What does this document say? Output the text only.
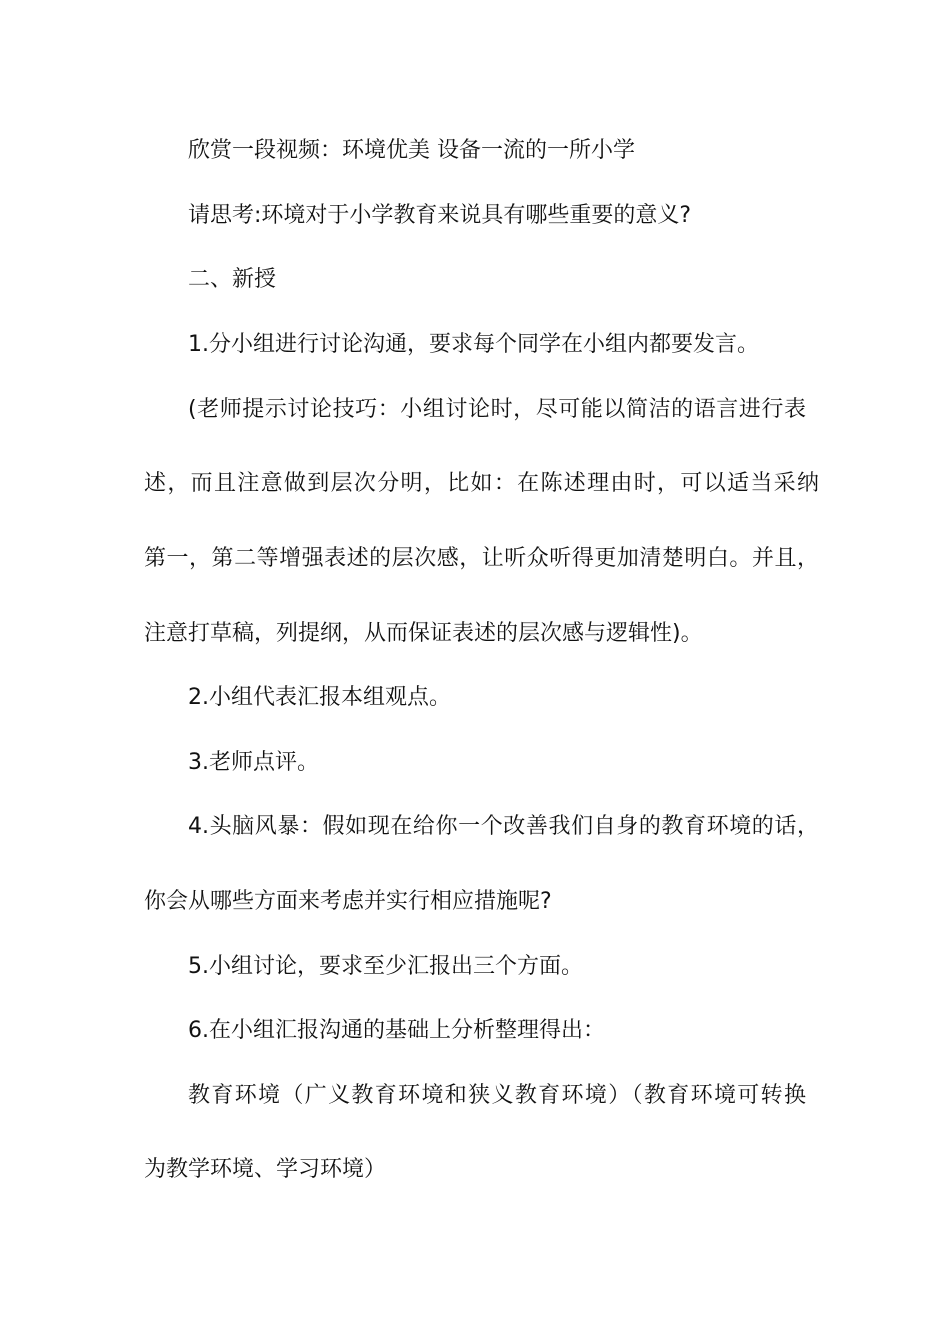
欣赏一段视频：环境优美 设备一流的一所小学
请思考:环境对于小学教育来说具有哪些重要的意义?
二、新授
1.分小组进行讨论沟通，要求每个同学在小组内都要发言。
(老师提示讨论技巧：小组讨论时，尽可能以简洁的语言进行表
述，而且注意做到层次分明，比如：在陈述理由时，可以适当采纳
第一，第二等增强表述的层次感，让听众听得更加清楚明白。并且，
注意打草稿，列提纲，从而保证表述的层次感与逻辑性)。
2.小组代表汇报本组观点。
3.老师点评。
4.头脑风暴：假如现在给你一个改善我们自身的教育环境的话，
你会从哪些方面来考虑并实行相应措施呢?
5.小组讨论，要求至少汇报出三个方面。
6.在小组汇报沟通的基础上分析整理得出：
教育环境（广义教育环境和狭义教育环境）（教育环境可转换
为教学环境、学习环境）
